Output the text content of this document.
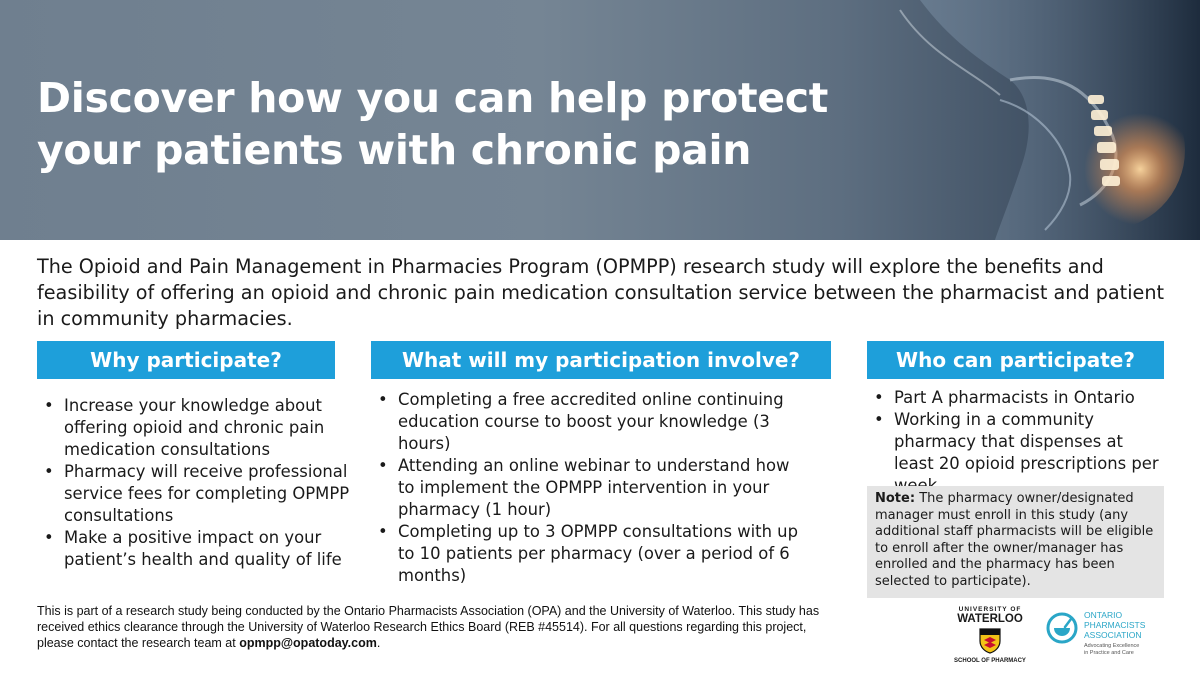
Discover how you can help protect your patients with chronic pain

The Opioid and Pain Management in Pharmacies Program (OPMPP) research study will explore the benefits and feasibility of offering an opioid and chronic pain medication consultation service between the pharmacist and patient in community pharmacies.

Why participate?	What will my participation involve?	Who can participate?
• Increase your knowledge about offering opioid and chronic pain medication consultations
• Pharmacy will receive professional service fees for completing OPMPP consultations
• Make a positive impact on your patient’s health and quality of life
• Completing a free accredited online continuing education course to boost your knowledge (3 hours)
• Attending an online webinar to understand how to implement the OPMPP intervention in your pharmacy (1 hour)
• Completing up to 3 OPMPP consultations with up to 10 patients per pharmacy (over a period of 6 months)
• Part A pharmacists in Ontario
• Working in a community pharmacy that dispenses at least 20 opioid prescriptions per
Note: The pharmacy owner/designated manager must enroll in this study (any additional staff pharmacists will be eligible to enroll after the owner/manager has enrolled and the pharmacy has been selected to participate).

This is part of a research study being conducted by the Ontario Pharmacists Association (OPA) and the University of Waterloo. This study has received ethics clearance through the University of Waterloo Research Ethics Board (REB #45514). For all questions regarding this project, please contact the research team at opmpp@opatoday.com.

UNIVERSITY OF
WATERLOO
SCHOOL OF PHARMACY
ONTARIO
PHARMACISTS
ASSOCIATION
Advocating Excellence
in Practice and Care
